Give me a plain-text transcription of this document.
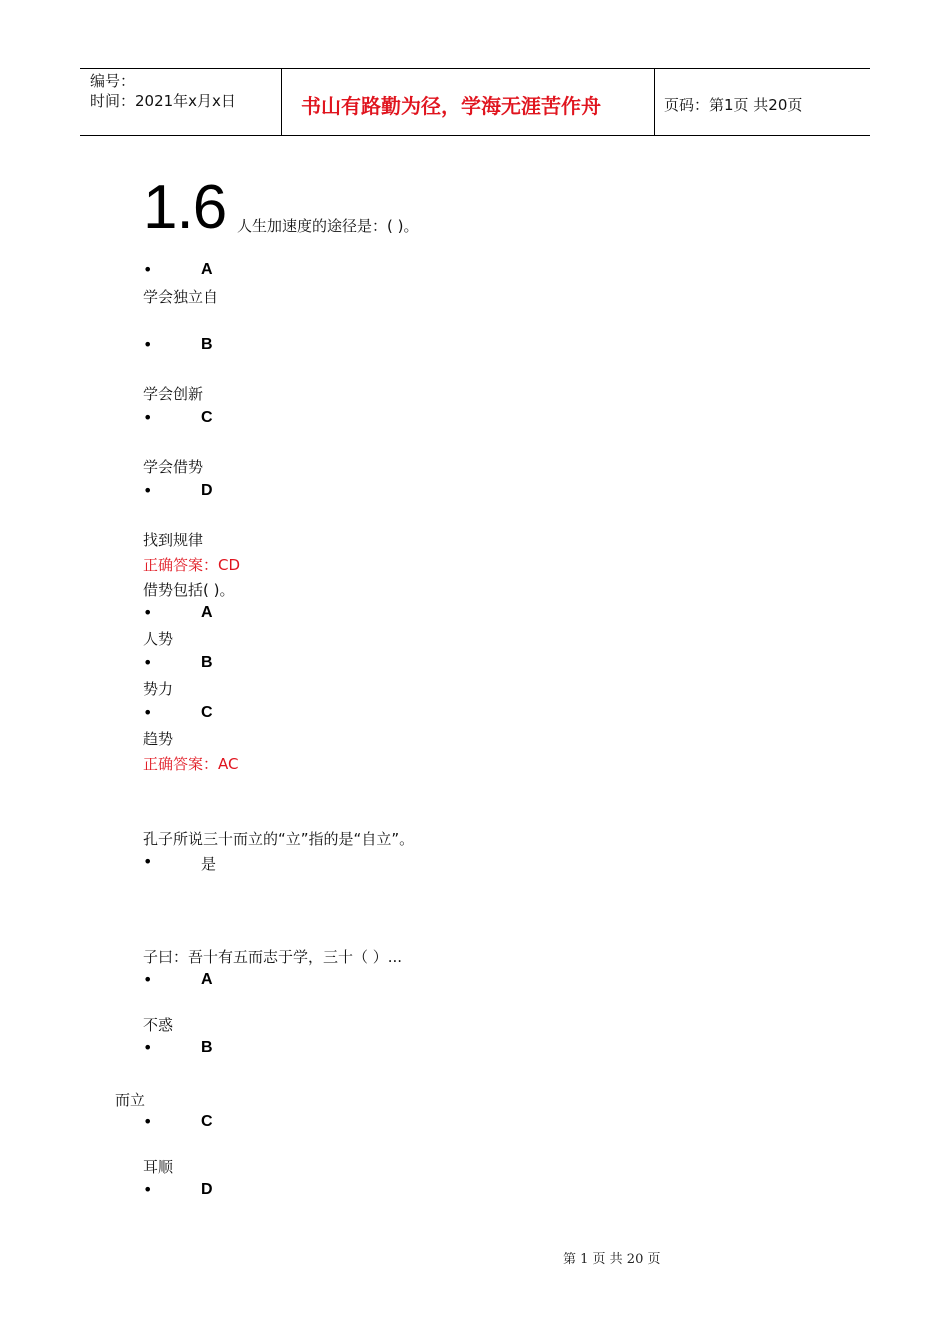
编号：
时间：2021年x月x日	书山有路勤为径，学海无涯苦作舟	页码：第1页 共20页
1.6 人生加速度的途径是：( )。
•	A
学会独立自
•	B
学会创新
•	C
学会借势
•	D
找到规律
正确答案：CD
借势包括( )。
•	A
人势
•	B
势力
•	C
趋势
正确答案：AC
孔子所说三十而立的“立”指的是“自立”。
•	是
子曰：吾十有五而志于学，三十（ ）...
•	A
不惑
•	B
而立
•	C
耳顺
•	D
第 1 页 共 20 页
